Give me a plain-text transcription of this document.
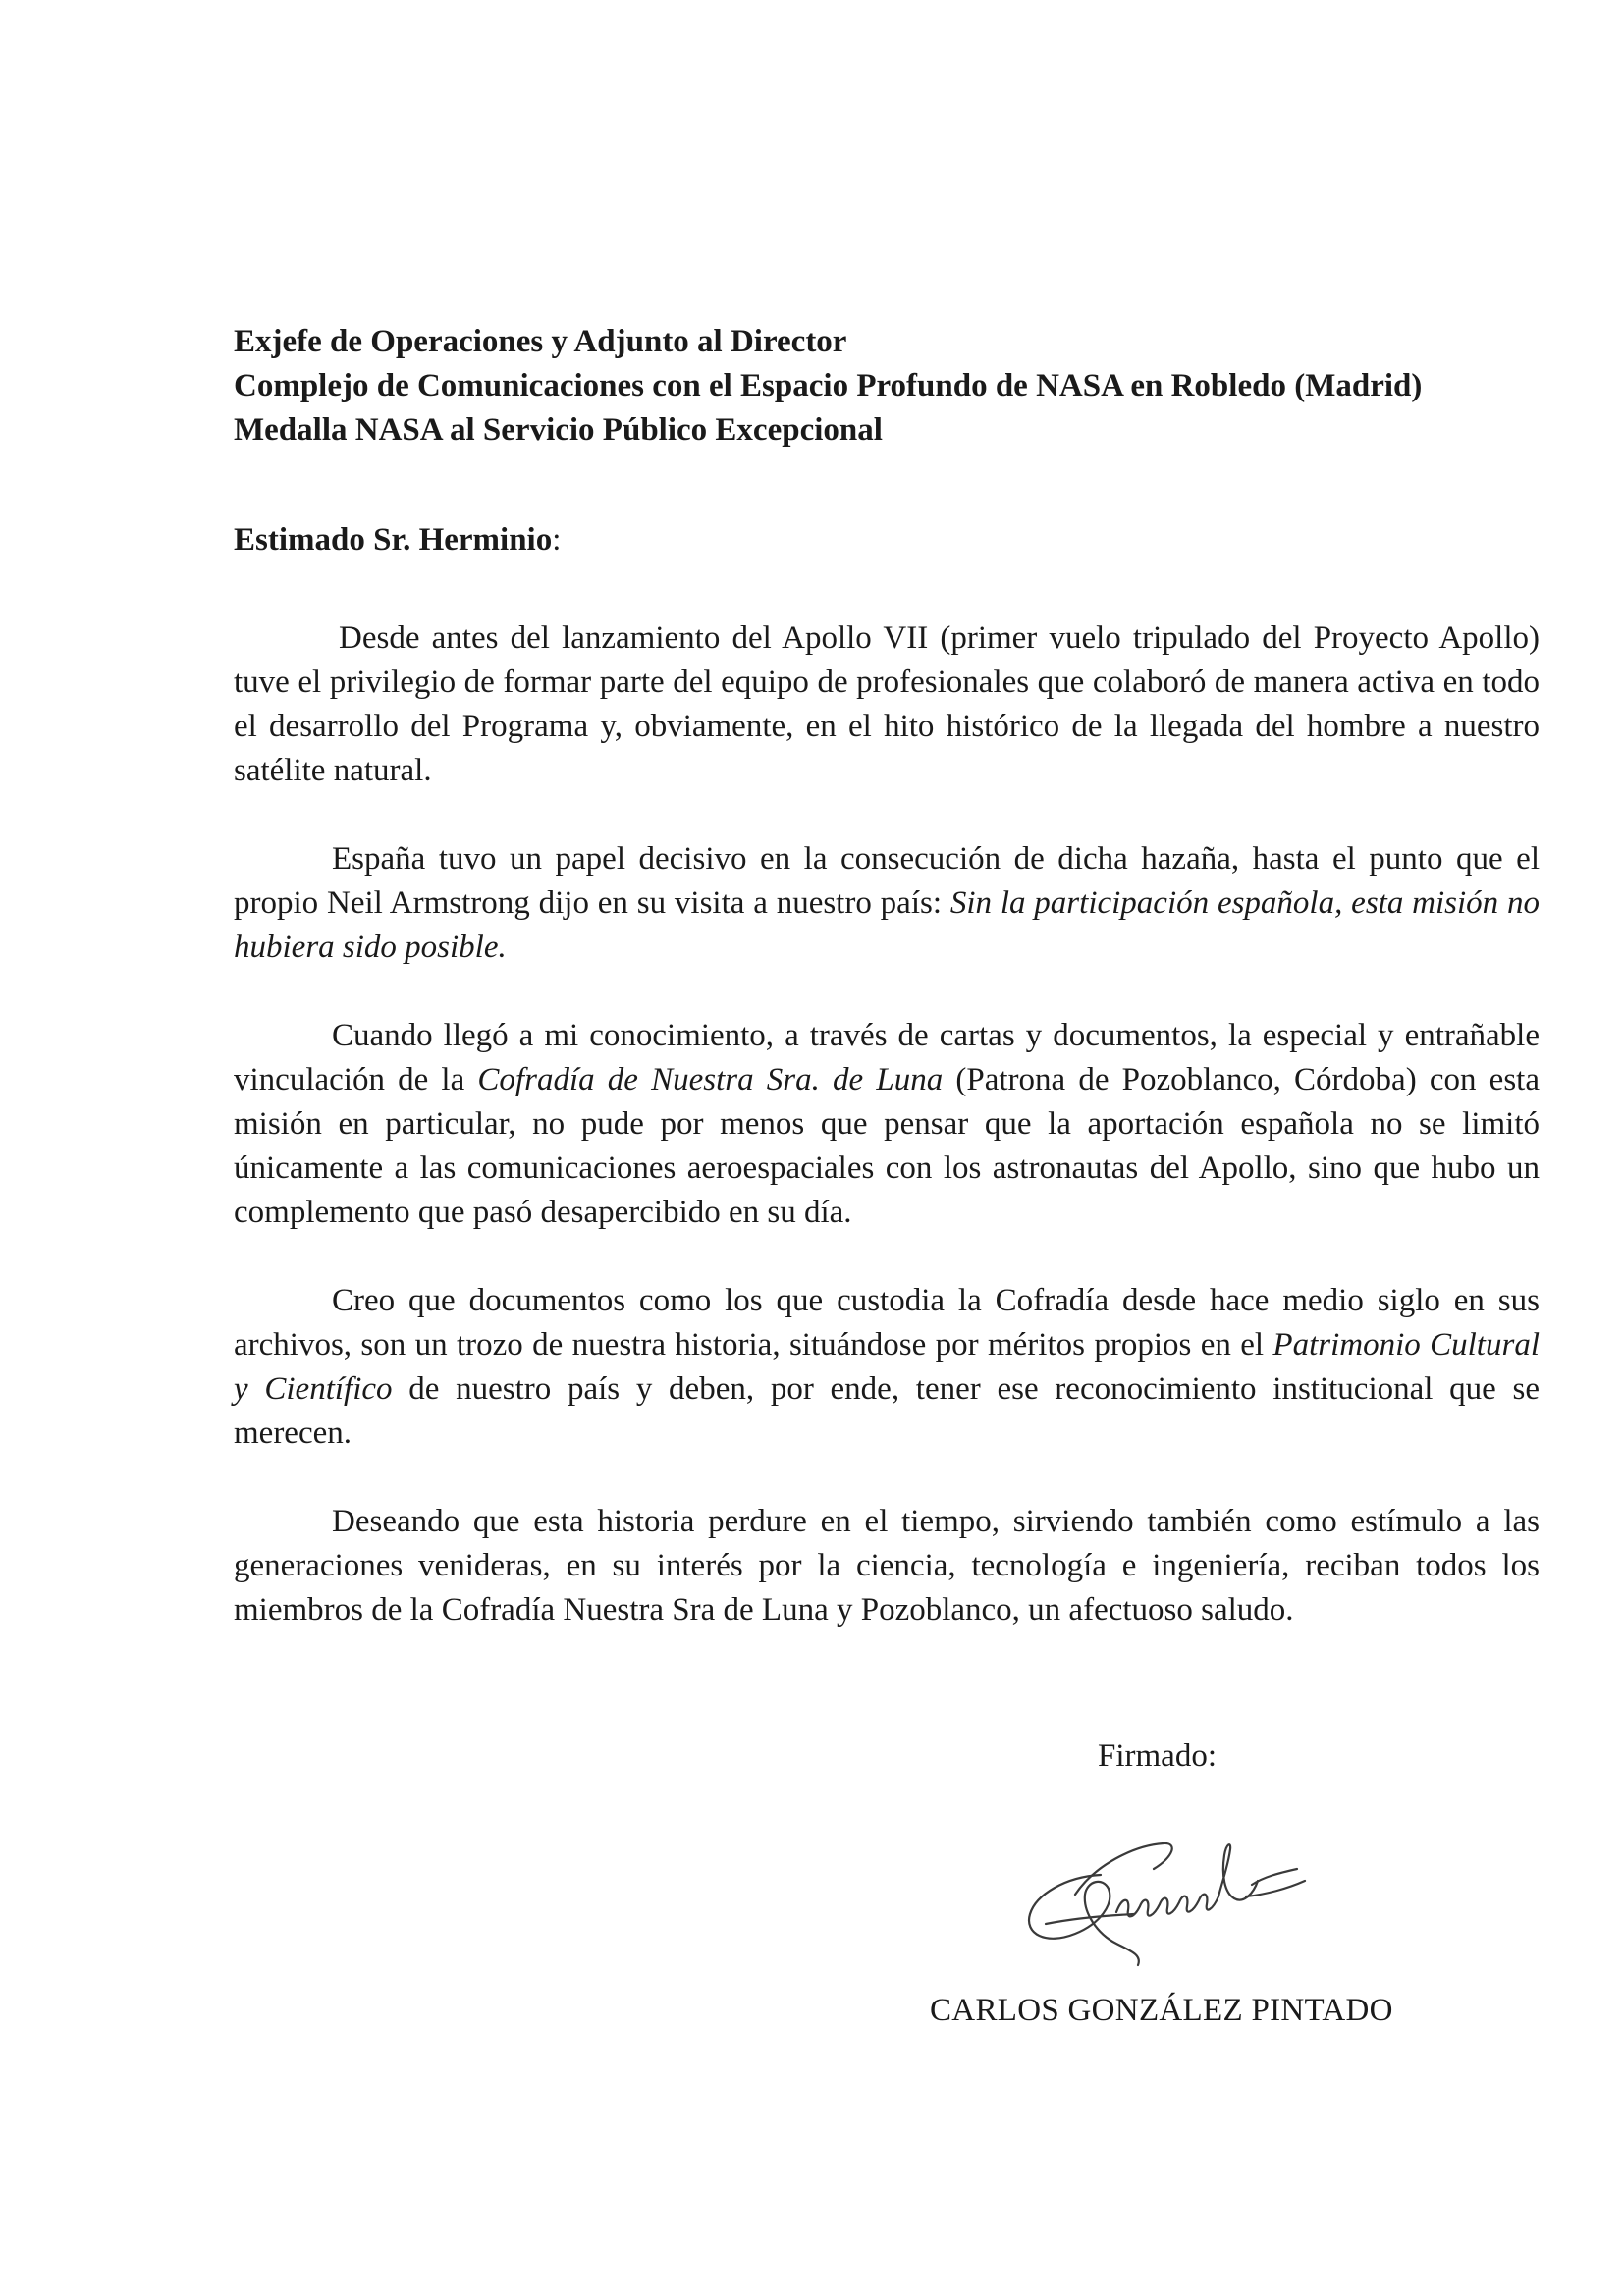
Exjefe de Operaciones y Adjunto al Director
Complejo de Comunicaciones con el Espacio Profundo de NASA en Robledo (Madrid)
Medalla NASA al Servicio Público Excepcional
Estimado Sr. Herminio:

Desde antes del lanzamiento del Apollo VII (primer vuelo tripulado del Proyecto Apollo) tuve el privilegio de formar parte del equipo de profesionales que colaboró de manera activa en todo el desarrollo del Programa y, obviamente, en el hito histórico de la llegada del hombre a nuestro satélite natural.

España tuvo un papel decisivo en la consecución de dicha hazaña, hasta el punto que el propio Neil Armstrong dijo en su visita a nuestro país: Sin la participación española, esta misión no hubiera sido posible.

Cuando llegó a mi conocimiento, a través de cartas y documentos, la especial y entrañable vinculación de la Cofradía de Nuestra Sra. de Luna (Patrona de Pozoblanco, Córdoba) con esta misión en particular, no pude por menos que pensar que la aportación española no se limitó únicamente a las comunicaciones aeroespaciales con los astronautas del Apollo, sino que hubo un complemento que pasó desapercibido en su día.

Creo que documentos como los que custodia la Cofradía desde hace medio siglo en sus archivos, son un trozo de nuestra historia, situándose por méritos propios en el Patrimonio Cultural y Científico de nuestro país y deben, por ende, tener ese reconocimiento institucional que se merecen.

Deseando que esta historia perdure en el tiempo, sirviendo también como estímulo a las generaciones venideras, en su interés por la ciencia, tecnología e ingeniería, reciban todos los miembros de la Cofradía Nuestra Sra de Luna y Pozoblanco, un afectuoso saludo.

Firmado:
CARLOS GONZÁLEZ PINTADO
